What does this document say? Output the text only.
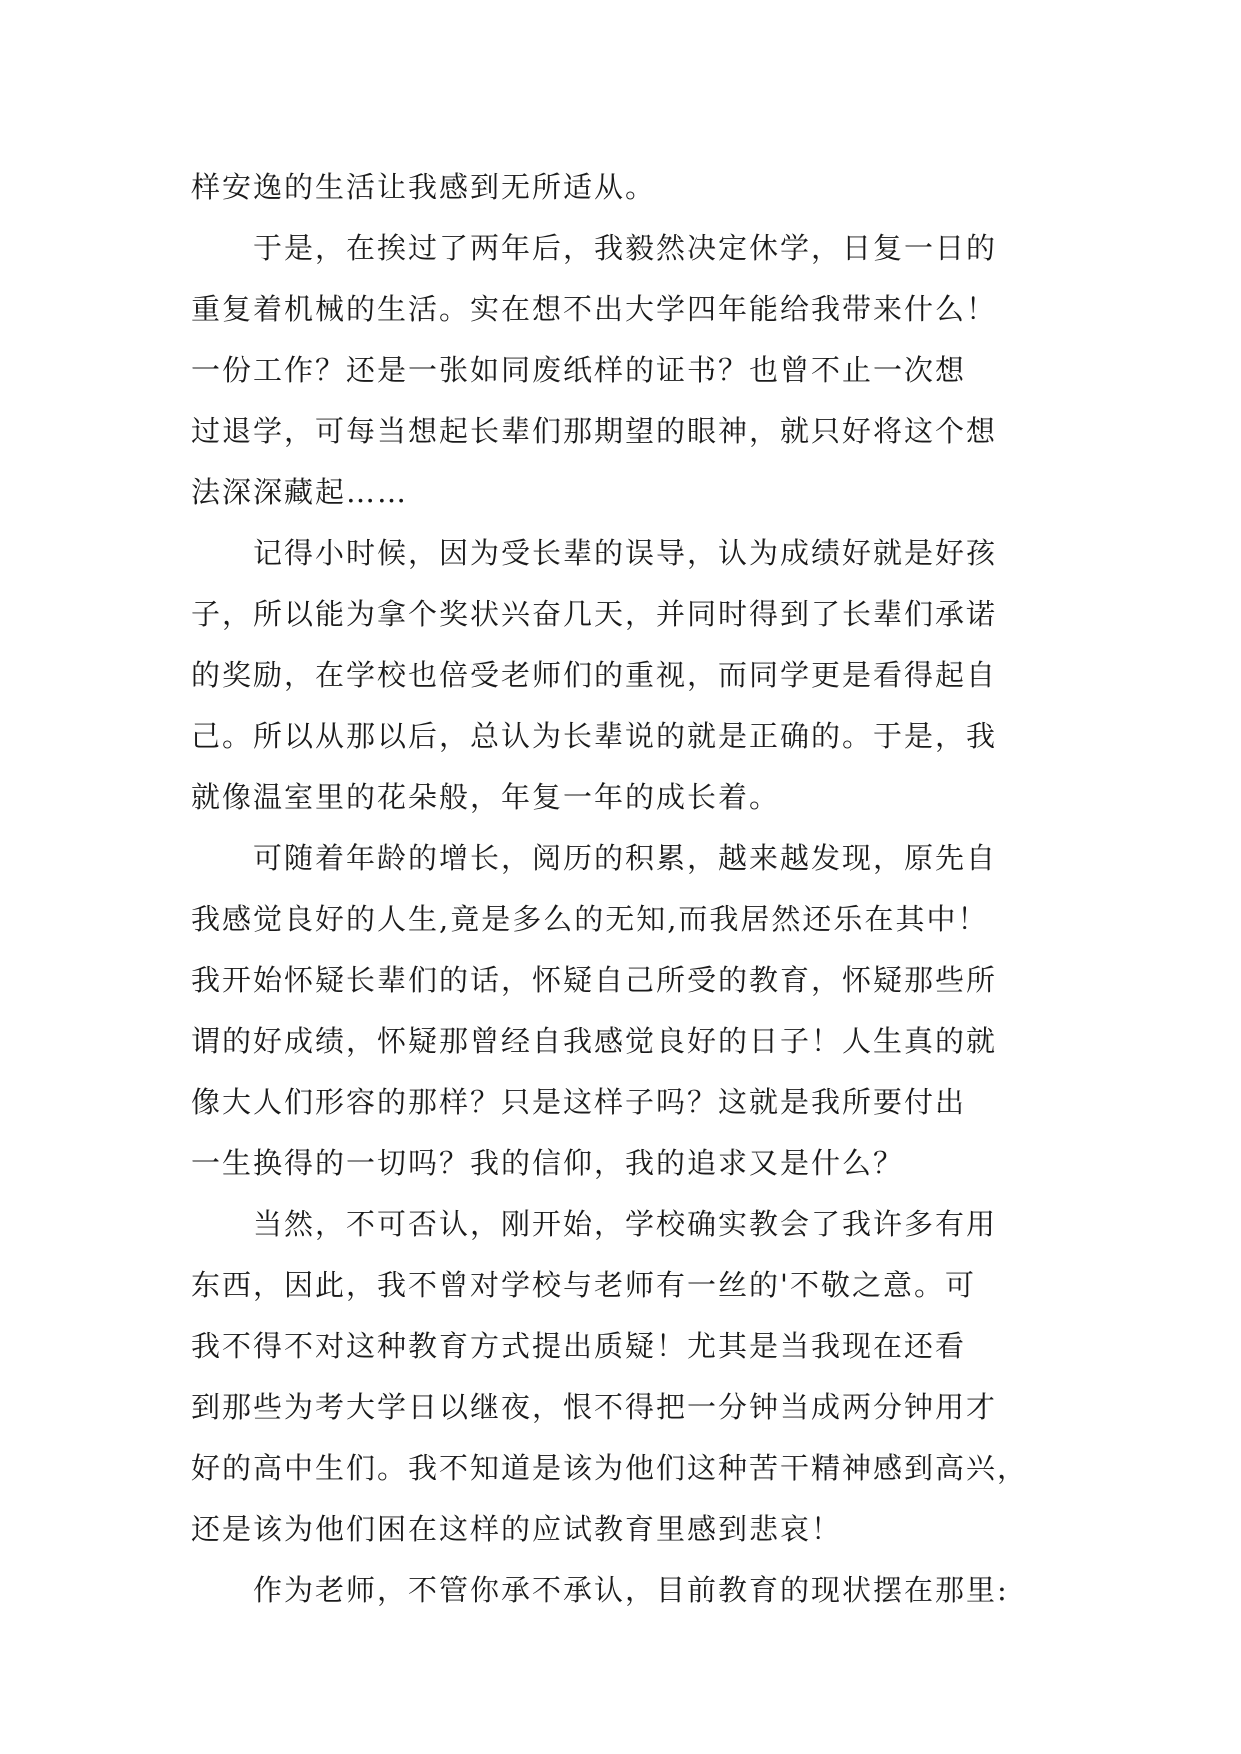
样安逸的生活让我感到无所适从。
于是，在挨过了两年后，我毅然决定休学，日复一日的
重复着机械的生活。实在想不出大学四年能给我带来什么！
一份工作？还是一张如同废纸样的证书？也曾不止一次想
过退学，可每当想起长辈们那期望的眼神，就只好将这个想
法深深藏起……
记得小时候，因为受长辈的误导，认为成绩好就是好孩
子，所以能为拿个奖状兴奋几天，并同时得到了长辈们承诺
的奖励，在学校也倍受老师们的重视，而同学更是看得起自
己。所以从那以后，总认为长辈说的就是正确的。于是，我
就像温室里的花朵般，年复一年的成长着。
可随着年龄的增长，阅历的积累，越来越发现，原先自
我感觉良好的人生,竟是多么的无知,而我居然还乐在其中！
我开始怀疑长辈们的话，怀疑自己所受的教育，怀疑那些所
谓的好成绩，怀疑那曾经自我感觉良好的日子！人生真的就
像大人们形容的那样？只是这样子吗？这就是我所要付出
一生换得的一切吗？我的信仰，我的追求又是什么？
当然，不可否认，刚开始，学校确实教会了我许多有用
东西，因此，我不曾对学校与老师有一丝的'不敬之意。可
我不得不对这种教育方式提出质疑！尤其是当我现在还看
到那些为考大学日以继夜，恨不得把一分钟当成两分钟用才
好的高中生们。我不知道是该为他们这种苦干精神感到高兴，
还是该为他们困在这样的应试教育里感到悲哀！
作为老师，不管你承不承认，目前教育的现状摆在那里:
